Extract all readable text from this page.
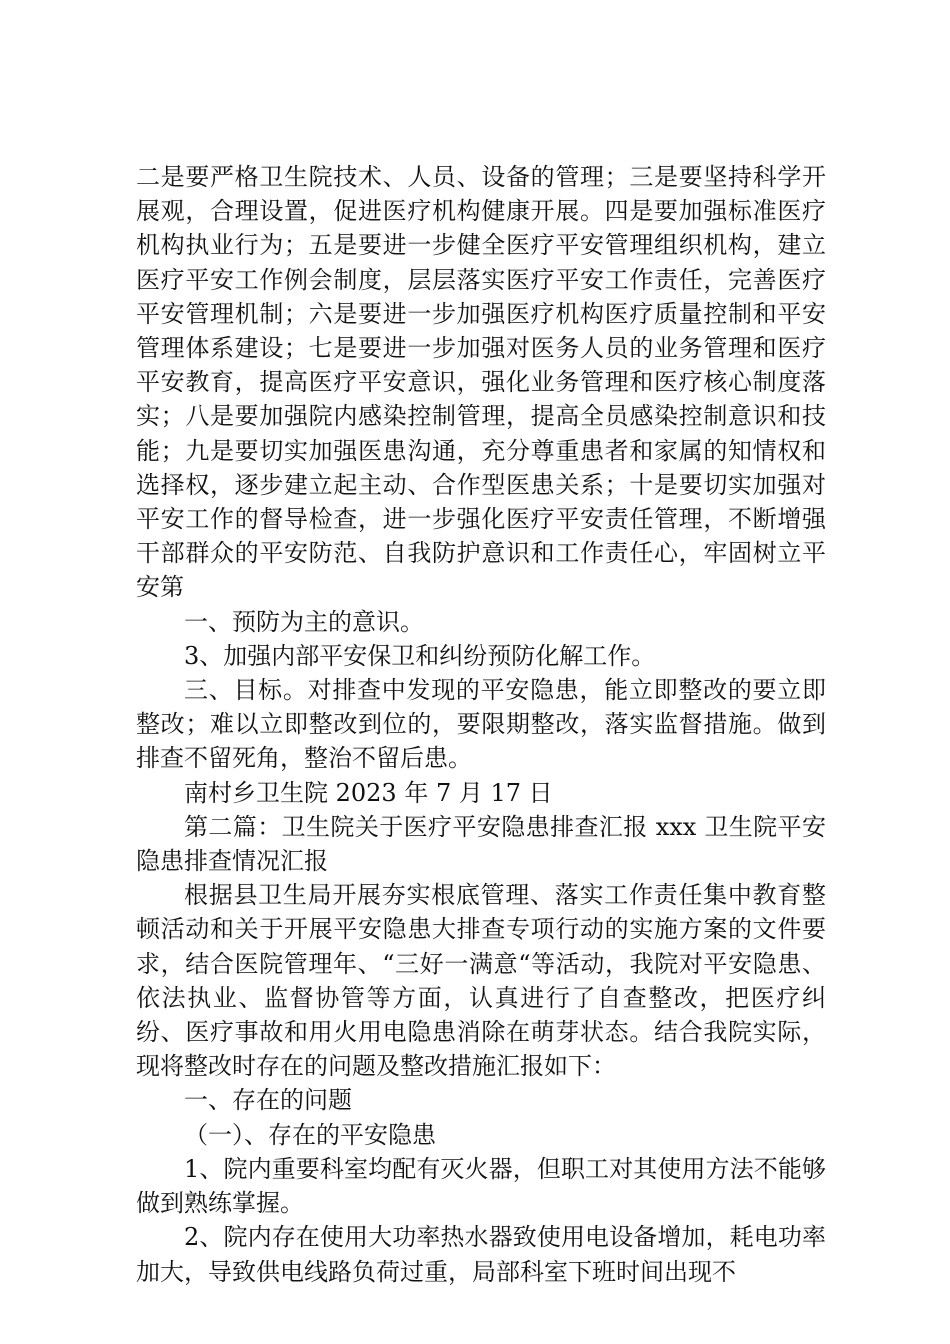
二是要严格卫生院技术、人员、设备的管理；三是要坚持科学开展观，合理设置，促进医疗机构健康开展。四是要加强标准医疗机构执业行为；五是要进一步健全医疗平安管理组织机构，建立医疗平安工作例会制度，层层落实医疗平安工作责任，完善医疗平安管理机制；六是要进一步加强医疗机构医疗质量控制和平安管理体系建设；七是要进一步加强对医务人员的业务管理和医疗平安教育，提高医疗平安意识，强化业务管理和医疗核心制度落实；八是要加强院内感染控制管理，提高全员感染控制意识和技能；九是要切实加强医患沟通，充分尊重患者和家属的知情权和选择权，逐步建立起主动、合作型医患关系；十是要切实加强对平安工作的督导检查，进一步强化医疗平安责任管理，不断增强干部群众的平安防范、自我防护意识和工作责任心，牢固树立平安第

一、预防为主的意识。

3、加强内部平安保卫和纠纷预防化解工作。

三、目标。对排查中发现的平安隐患，能立即整改的要立即整改；难以立即整改到位的，要限期整改，落实监督措施。做到排查不留死角，整治不留后患。

南村乡卫生院 2023 年 7 月 17 日

第二篇：卫生院关于医疗平安隐患排查汇报 xxx 卫生院平安隐患排查情况汇报

根据县卫生局开展夯实根底管理、落实工作责任集中教育整顿活动和关于开展平安隐患大排查专项行动的实施方案的文件要求，结合医院管理年、“三好一满意“等活动，我院对平安隐患、依法执业、监督协管等方面，认真进行了自查整改，把医疗纠纷、医疗事故和用火用电隐患消除在萌芽状态。结合我院实际，现将整改时存在的问题及整改措施汇报如下：

一、存在的问题

（一）、存在的平安隐患

1、院内重要科室均配有灭火器，但职工对其使用方法不能够做到熟练掌握。

2、院内存在使用大功率热水器致使用电设备增加，耗电功率加大，导致供电线路负荷过重，局部科室下班时间出现不
